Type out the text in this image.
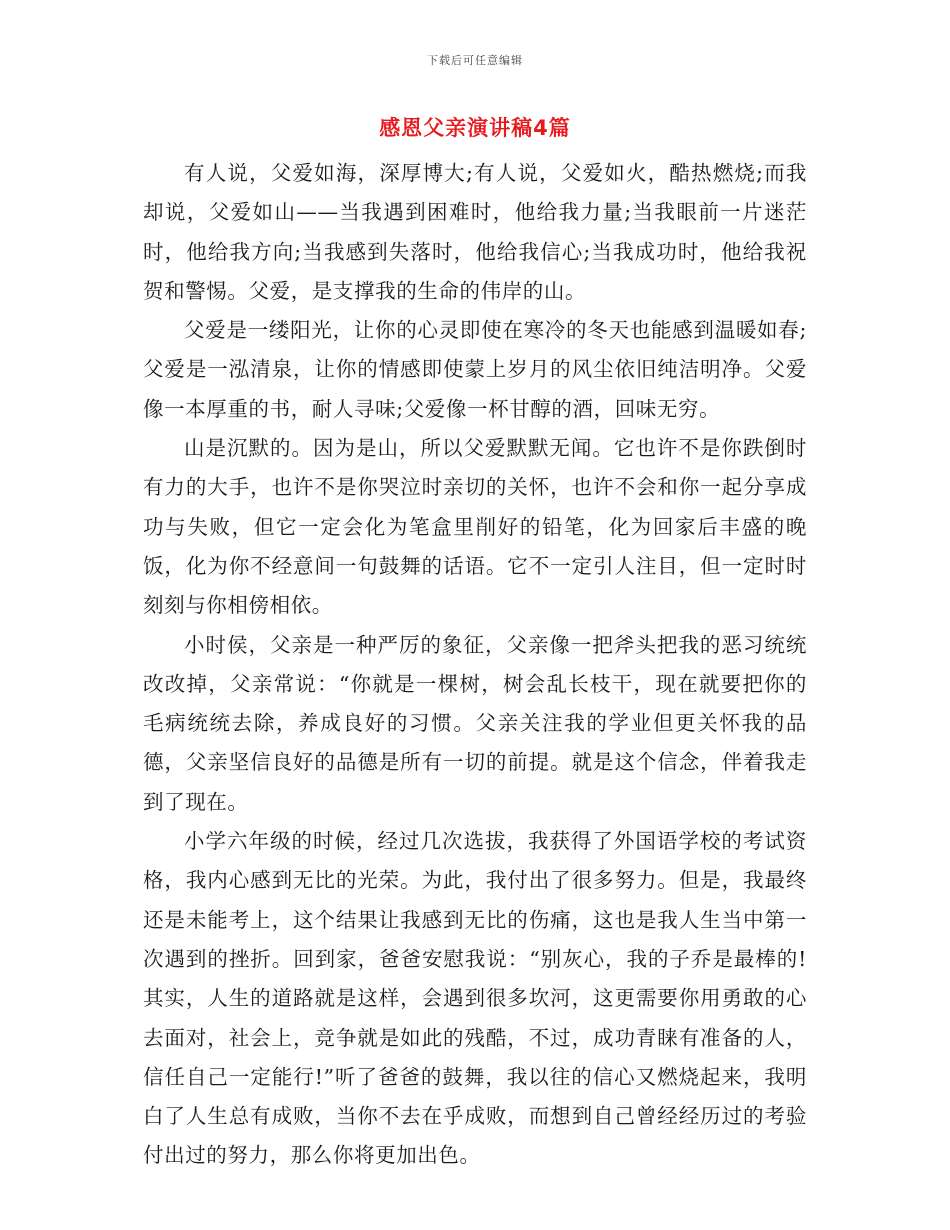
下载后可任意编辑
感恩父亲演讲稿4篇

有人说，父爱如海，深厚博大;有人说，父爱如火，酷热燃烧;而我却说，父爱如山——当我遇到困难时，他给我力量;当我眼前一片迷茫时，他给我方向;当我感到失落时，他给我信心;当我成功时，他给我祝贺和警惕。父爱，是支撑我的生命的伟岸的山。

父爱是一缕阳光，让你的心灵即使在寒冷的冬天也能感到温暖如春;父爱是一泓清泉，让你的情感即使蒙上岁月的风尘依旧纯洁明净。父爱像一本厚重的书，耐人寻味;父爱像一杯甘醇的酒，回味无穷。

山是沉默的。因为是山，所以父爱默默无闻。它也许不是你跌倒时有力的大手，也许不是你哭泣时亲切的关怀，也许不会和你一起分享成功与失败，但它一定会化为笔盒里削好的铅笔，化为回家后丰盛的晚饭，化为你不经意间一句鼓舞的话语。它不一定引人注目，但一定时时刻刻与你相傍相依。

小时侯，父亲是一种严厉的象征，父亲像一把斧头把我的恶习统统改改掉，父亲常说：“你就是一棵树，树会乱长枝干，现在就要把你的毛病统统去除，养成良好的习惯。父亲关注我的学业但更关怀我的品德，父亲坚信良好的品德是所有一切的前提。就是这个信念，伴着我走到了现在。

小学六年级的时候，经过几次选拔，我获得了外国语学校的考试资格，我内心感到无比的光荣。为此，我付出了很多努力。但是，我最终还是未能考上，这个结果让我感到无比的伤痛，这也是我人生当中第一次遇到的挫折。回到家，爸爸安慰我说：“别灰心，我的子乔是最棒的!其实，人生的道路就是这样，会遇到很多坎河，这更需要你用勇敢的心去面对，社会上，竞争就是如此的残酷，不过，成功青睐有准备的人，信任自己一定能行!”听了爸爸的鼓舞，我以往的信心又燃烧起来，我明白了人生总有成败，当你不去在乎成败，而想到自己曾经经历过的考验付出过的努力，那么你将更加出色。
